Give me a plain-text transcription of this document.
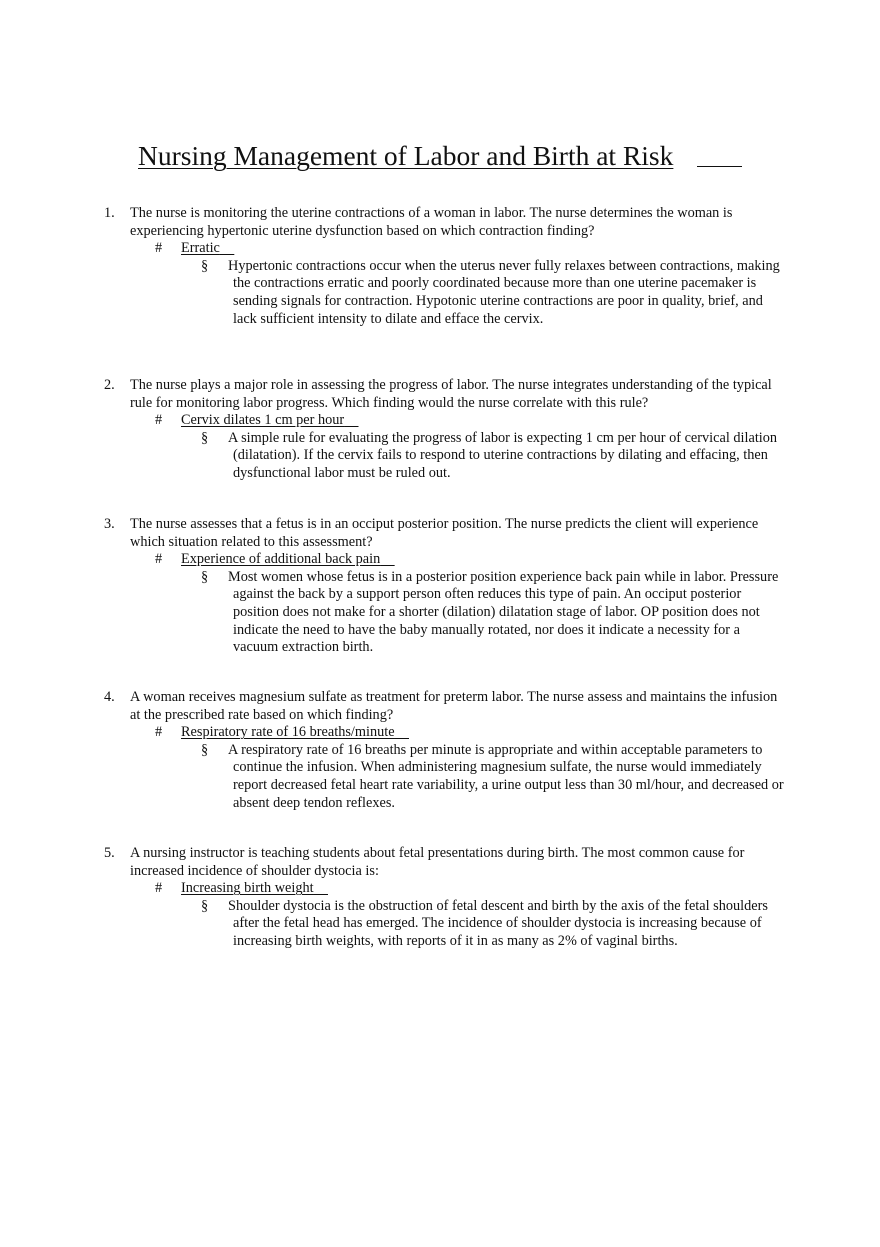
Nursing Management of Labor and Birth at Risk
1. The nurse is monitoring the uterine contractions of a woman in labor. The nurse determines the woman is experiencing hypertonic uterine dysfunction based on which contraction finding?
# Erratic
§ Hypertonic contractions occur when the uterus never fully relaxes between contractions, making the contractions erratic and poorly coordinated because more than one uterine pacemaker is sending signals for contraction. Hypotonic uterine contractions are poor in quality, brief, and lack sufficient intensity to dilate and efface the cervix.
2. The nurse plays a major role in assessing the progress of labor. The nurse integrates understanding of the typical rule for monitoring labor progress. Which finding would the nurse correlate with this rule?
# Cervix dilates 1 cm per hour
§ A simple rule for evaluating the progress of labor is expecting 1 cm per hour of cervical dilation (dilatation). If the cervix fails to respond to uterine contractions by dilating and effacing, then dysfunctional labor must be ruled out.
3. The nurse assesses that a fetus is in an occiput posterior position. The nurse predicts the client will experience which situation related to this assessment?
# Experience of additional back pain
§ Most women whose fetus is in a posterior position experience back pain while in labor. Pressure against the back by a support person often reduces this type of pain. An occiput posterior position does not make for a shorter (dilation) dilatation stage of labor. OP position does not indicate the need to have the baby manually rotated, nor does it indicate a necessity for a vacuum extraction birth.
4. A woman receives magnesium sulfate as treatment for preterm labor. The nurse assess and maintains the infusion at the prescribed rate based on which finding?
# Respiratory rate of 16 breaths/minute
§ A respiratory rate of 16 breaths per minute is appropriate and within acceptable parameters to continue the infusion. When administering magnesium sulfate, the nurse would immediately report decreased fetal heart rate variability, a urine output less than 30 ml/hour, and decreased or absent deep tendon reflexes.
5. A nursing instructor is teaching students about fetal presentations during birth. The most common cause for increased incidence of shoulder dystocia is:
# Increasing birth weight
§ Shoulder dystocia is the obstruction of fetal descent and birth by the axis of the fetal shoulders after the fetal head has emerged. The incidence of shoulder dystocia is increasing because of increasing birth weights, with reports of it in as many as 2% of vaginal births.
